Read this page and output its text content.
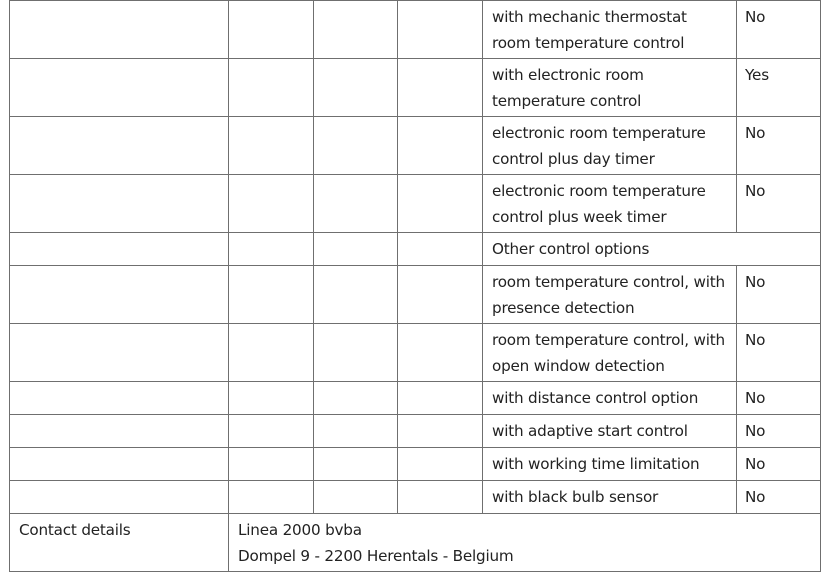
				with mechanic thermostat room temperature control	No
				with electronic room temperature control	Yes
				electronic room temperature control plus day timer	No
				electronic room temperature control plus week timer	No
				Other control options	
				room temperature control, with presence detection	No
				room temperature control, with open window detection	No
				with distance control option	No
				with adaptive start control	No
				with working time limitation	No
				with black bulb sensor	No
Contact details	Linea 2000 bvba
Dompel 9 - 2200 Herentals - Belgium				
